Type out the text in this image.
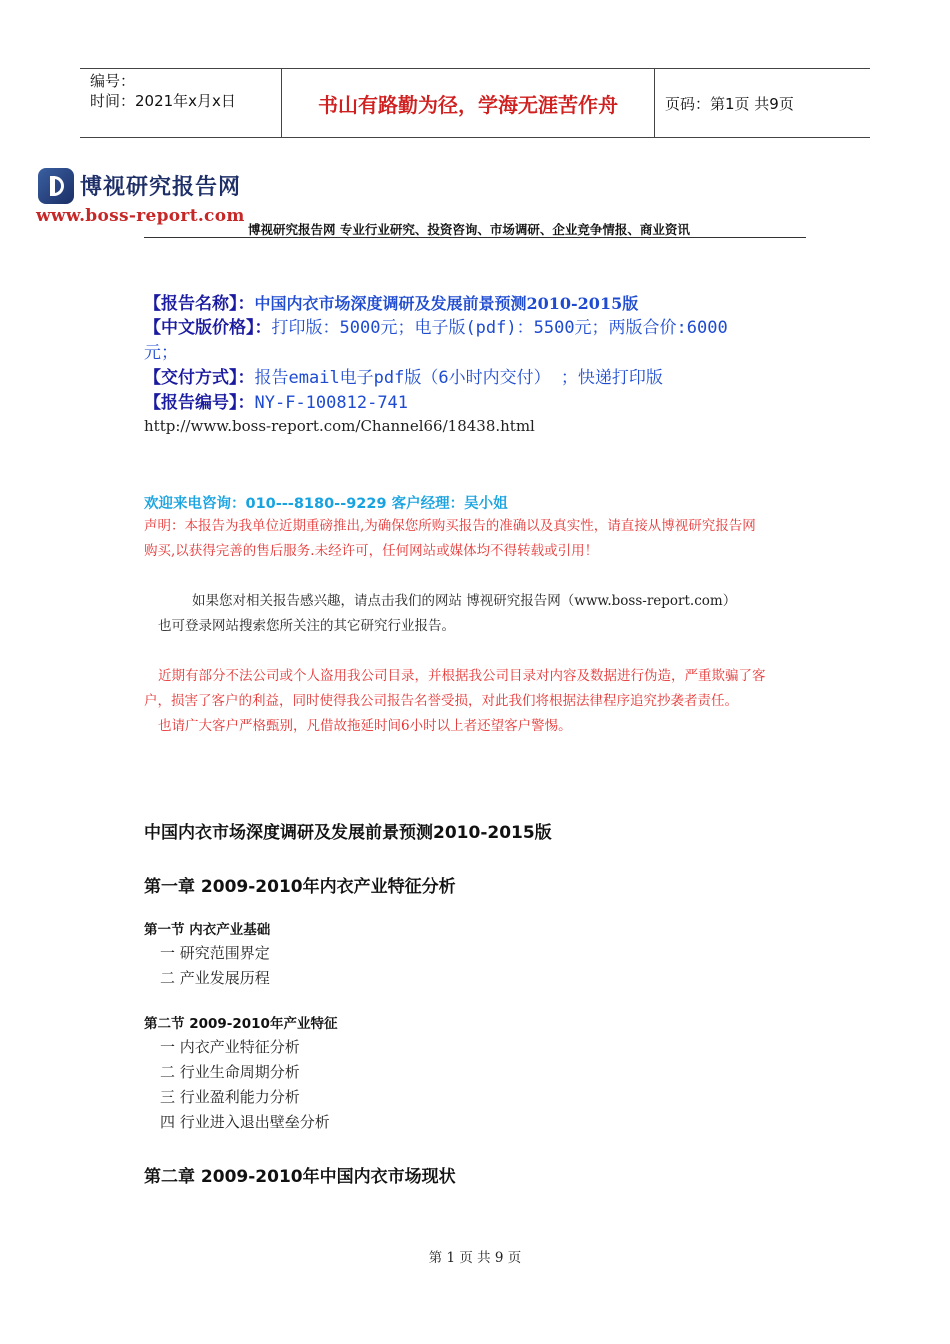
编号：
时间：2021年x月x日	书山有路勤为径，学海无涯苦作舟	页码：第1页 共9页
博视研究报告网
www.boss-report.com
博视研究报告网 专业行业研究、投资咨询、市场调研、企业竞争情报、商业资讯
【报告名称】：中国内衣市场深度调研及发展前景预测2010-2015版
【中文版价格】：打印版：5000元；电子版(pdf)：5500元；两版合价:6000
元；
【交付方式】：报告email电子pdf版（6小时内交付） ；快递打印版
【报告编号】：NY-F-100812-741
http://www.boss-report.com/Channel66/18438.html
欢迎来电咨询：010---8180--9229 客户经理：吴小姐
声明：本报告为我单位近期重磅推出,为确保您所购买报告的准确以及真实性，请直接从博视研究报告网
购买,以获得完善的售后服务.未经许可，任何网站或媒体均不得转载或引用！
如果您对相关报告感兴趣，请点击我们的网站 博视研究报告网（www.boss-report.com）
也可登录网站搜索您所关注的其它研究行业报告。
近期有部分不法公司或个人盗用我公司目录，并根据我公司目录对内容及数据进行伪造，严重欺骗了客
户，损害了客户的利益，同时使得我公司报告名誉受损，对此我们将根据法律程序追究抄袭者责任。
也请广大客户严格甄别，凡借故拖延时间6小时以上者还望客户警惕。
中国内衣市场深度调研及发展前景预测2010-2015版
第一章 2009-2010年内衣产业特征分析
第一节 内衣产业基础
一 研究范围界定
二 产业发展历程
第二节 2009-2010年产业特征
一 内衣产业特征分析
二 行业生命周期分析
三 行业盈利能力分析
四 行业进入退出壁垒分析
第二章 2009-2010年中国内衣市场现状
第 1 页 共 9 页
